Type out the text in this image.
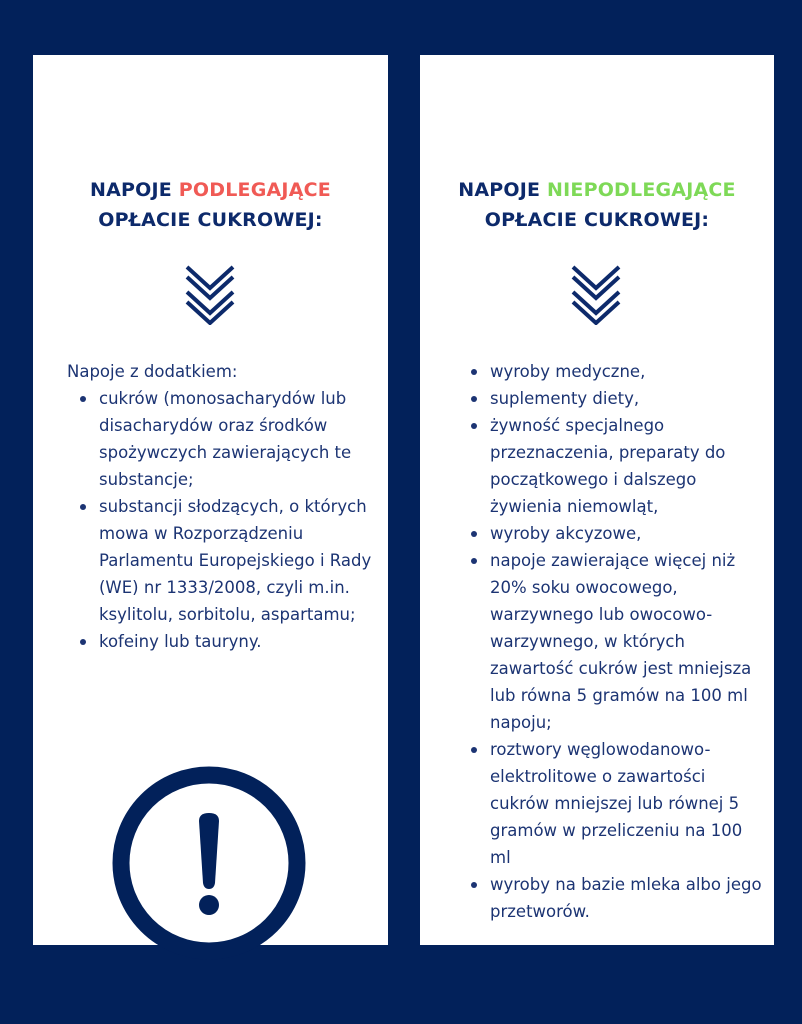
NAPOJE PODLEGAJĄCE
OPŁACIE CUKROWEJ:

Napoje z dodatkiem:

cukrów (monosacharydów lub disacharydów oraz środków spożywczych zawierających te substancje;
substancji słodzących, o których mowa w Rozporządzeniu Parlamentu Europejskiego i Rady (WE) nr 1333/2008, czyli m.in. ksylitolu, sorbitolu, aspartamu;
kofeiny lub tauryny.
NAPOJE NIEPODLEGAJĄCE
OPŁACIE CUKROWEJ:
wyroby medyczne,
suplementy diety,
żywność specjalnego przeznaczenia, preparaty do początkowego i dalszego żywienia niemowląt,
wyroby akcyzowe,
napoje zawierające więcej niż 20% soku owocowego, warzywnego lub owocowo-warzywnego, w których zawartość cukrów jest mniejsza lub równa 5 gramów na 100 ml napoju;
roztwory węglowodanowo-elektrolitowe o zawartości cukrów mniejszej lub równej 5 gramów w przeliczeniu na 100 ml
wyroby na bazie mleka albo jego przetworów.
